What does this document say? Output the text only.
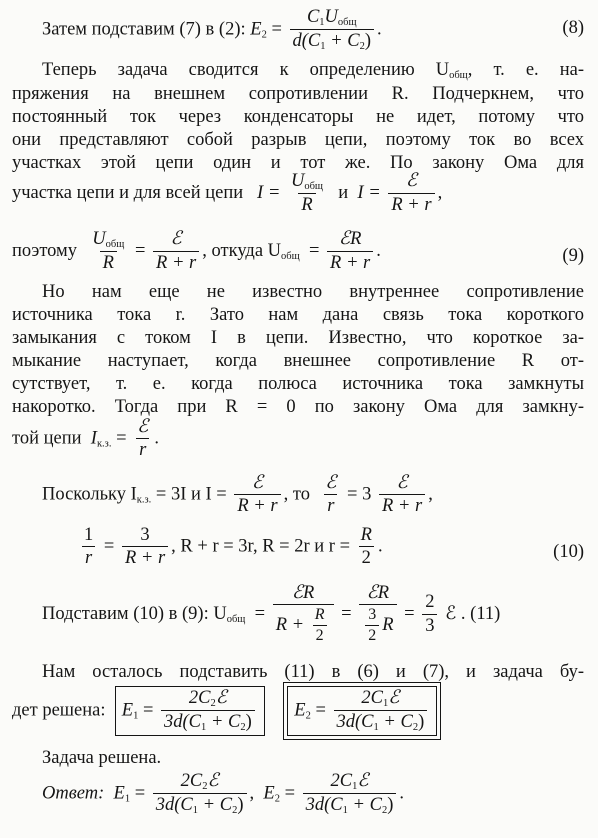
Затем подставим (7) в (2): $E_2 = \frac{C_1U_{общ}}{d(C_1 + C_2)}$ .	(8)
Теперь задача сводится к определению $U_{общ}$, т. е. на-
пряжения на внешнем сопротивлении R. Подчеркнем, что
постоянный ток через конденсаторы не идет, потому что
они представляют собой разрыв цепи, поэтому ток во всех
участках этой цепи один и тот же. По закону Ома для
участка цепи и для всей цепи $I = \frac{U_{общ}}{R}$ и $I = \frac{\text{ℰ}}{R + r}$ ,
поэтому $\frac{U_{общ}}{R} = \frac{\text{ℰ}}{R + r}$ , откуда $U_{общ} = \frac{\text{ℰR}}{R + r}$ .	(9)
Но нам еще не известно внутреннее сопротивление
источника тока r. Зато нам дана связь тока короткого
замыкания с током I в цепи. Известно, что короткое за-
мыкание наступает, когда внешнее сопротивление R от-
сутствует, т. е. когда полюса источника тока замкнуты
накоротко. Тогда при R = 0 по закону Ома для замкну-
той цепи $I_{к.з.} = \frac{\text{ℰ}}{r}$ .
Поскольку $I_{к.з.} = 3I$ и $I = \frac{\text{ℰ}}{R + r}$ , то $\frac{\text{ℰ}}{r} = 3 \frac{\text{ℰ}}{R + r}$ ,
$\frac{1}{r} = \frac{3}{R + r}$ , R + r = 3r, R = 2r и $r = \frac{R}{2}$ .	(10)
Подставим (10) в (9): $U_{общ} = \frac{\text{ℰR}}{R + \frac{R}{2}} = \frac{\text{ℰR}}{\frac{3}{2} R} = \frac{2}{3}$ ℰ . (11)
Нам осталось подставить (11) в (6) и (7), и задача бу-
дет решена: $E_1 = \frac{2C_2ℰ}{3d(C_1 + C_2)} E_2 = \frac{2C_1ℰ}{3d(C_1 + C_2)}$
Задача решена.
Ответ: $E_1 = \frac{2C_2ℰ}{3d(C_1 + C_2)}$ , $E_2 = \frac{2C_1ℰ}{3d(C_1 + C_2)}$ .
